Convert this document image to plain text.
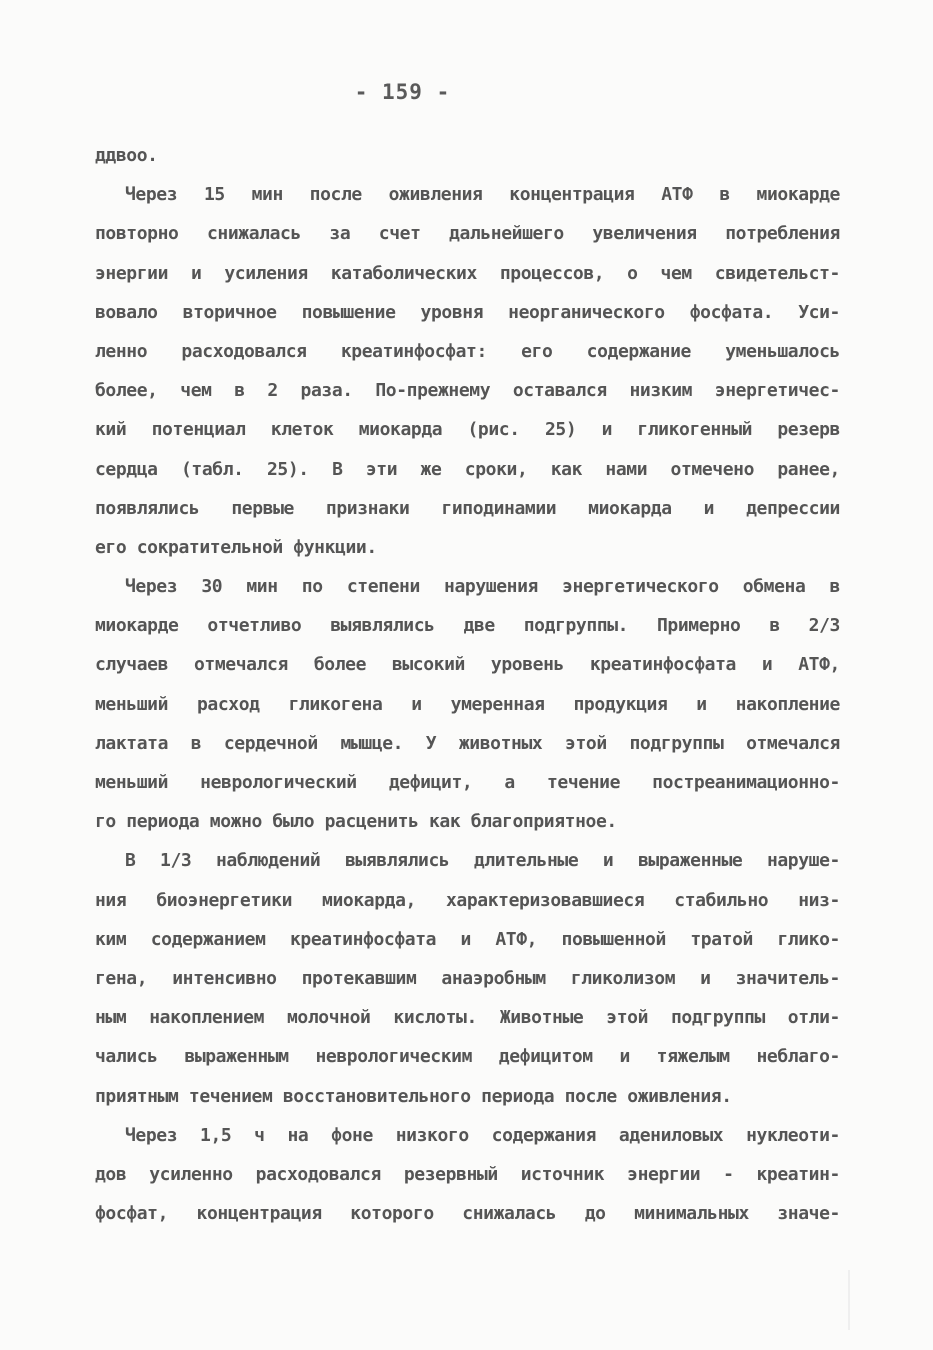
- 159 -
ддвоо.
Через 15 мин после оживления концентрация АТФ в миокарде
повторно снижалась за счет дальнейшего увеличения потребления
энергии и усиления катаболических процессов, о чем свидетельст-
вовало вторичное повышение уровня неорганического фосфата. Уси-
ленно расходовался креатинфосфат: его содержание уменьшалось
более, чем в 2 раза. По-прежнему оставался низким энергетичес-
кий потенциал клеток миокарда (рис. 25) и гликогенный резерв
сердца (табл. 25). В эти же сроки, как нами отмечено ранее,
появлялись первые признаки гиподинамии миокарда и депрессии
его сократительной функции.
Через 30 мин по степени нарушения энергетического обмена в
миокарде отчетливо выявлялись две подгруппы. Примерно в 2/3
случаев отмечался более высокий уровень креатинфосфата и АТФ,
меньший расход гликогена и умеренная продукция и накопление
лактата в сердечной мышце. У животных этой подгруппы отмечался
меньший неврологический дефицит, а течение постреанимационно-
го периода можно было расценить как благоприятное.
В 1/3 наблюдений выявлялись длительные и выраженные наруше-
ния биоэнергетики миокарда, характеризовавшиеся стабильно низ-
ким содержанием креатинфосфата и АТФ, повышенной тратой глико-
гена, интенсивно протекавшим анаэробным гликолизом и значитель-
ным накоплением молочной кислоты. Животные этой подгруппы отли-
чались выраженным неврологическим дефицитом и тяжелым неблаго-
приятным течением восстановительного периода после оживления.
Через 1,5 ч на фоне низкого содержания адениловых нуклеоти-
дов усиленно расходовался резервный источник энергии - креатин-
фосфат, концентрация которого снижалась до минимальных значе-
